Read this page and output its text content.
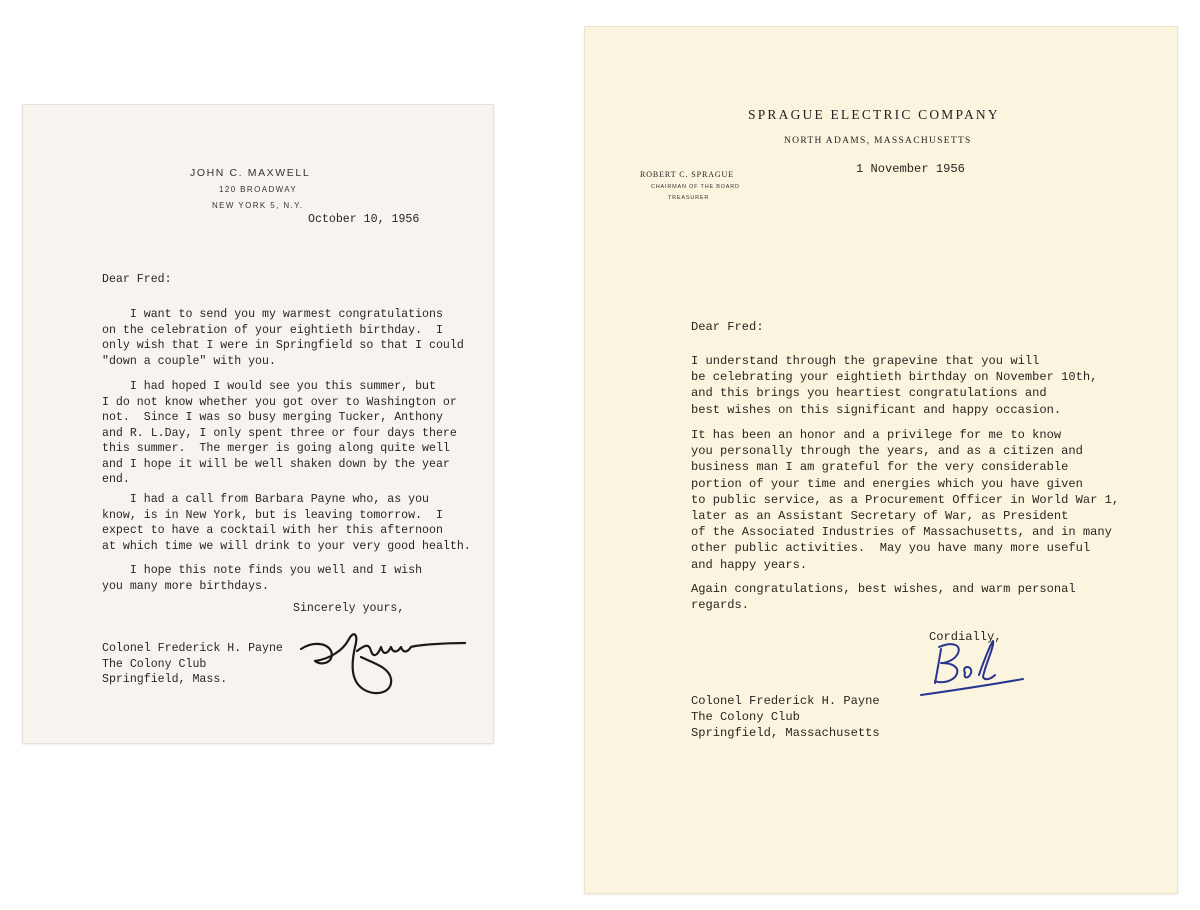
JOHN C. MAXWELL
120 BROADWAY
NEW YORK 5, N.Y.
October 10, 1956
Dear Fred:
I want to send you my warmest congratulations
on the celebration of your eightieth birthday.  I
only wish that I were in Springfield so that I could
"down a couple" with you.
I had hoped I would see you this summer, but
I do not know whether you got over to Washington or
not.  Since I was so busy merging Tucker, Anthony
and R. L.Day, I only spent three or four days there
this summer.  The merger is going along quite well
and I hope it will be well shaken down by the year
end.
I had a call from Barbara Payne who, as you
know, is in New York, but is leaving tomorrow.  I
expect to have a cocktail with her this afternoon
at which time we will drink to your very good health.
I hope this note finds you well and I wish
you many more birthdays.
Sincerely yours,
Colonel Frederick H. Payne
The Colony Club
Springfield, Mass.
SPRAGUE ELECTRIC COMPANY
NORTH ADAMS, MASSACHUSETTS
ROBERT C. SPRAGUE
CHAIRMAN OF THE BOARD
TREASURER
1 November 1956
Dear Fred:
I understand through the grapevine that you will
be celebrating your eightieth birthday on November 10th,
and this brings you heartiest congratulations and
best wishes on this significant and happy occasion.
It has been an honor and a privilege for me to know
you personally through the years, and as a citizen and
business man I am grateful for the very considerable
portion of your time and energies which you have given
to public service, as a Procurement Officer in World War 1,
later as an Assistant Secretary of War, as President
of the Associated Industries of Massachusetts, and in many
other public activities.  May you have many more useful
and happy years.
Again congratulations, best wishes, and warm personal
regards.
Cordially,
Colonel Frederick H. Payne
The Colony Club
Springfield, Massachusetts
